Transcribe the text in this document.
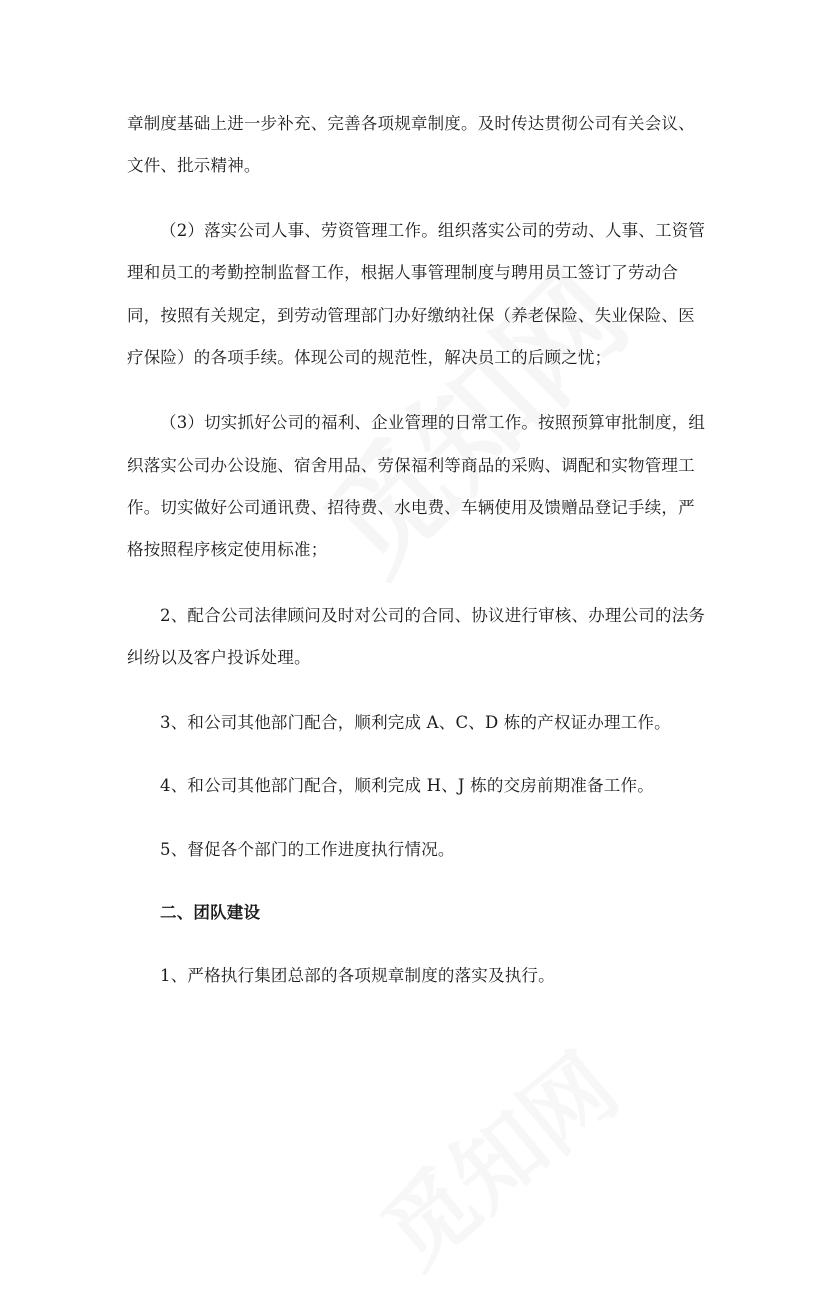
章制度基础上进一步补充、完善各项规章制度。及时传达贯彻公司有关会议、
文件、批示精神。
（2）落实公司人事、劳资管理工作。组织落实公司的劳动、人事、工资管
理和员工的考勤控制监督工作，根据人事管理制度与聘用员工签订了劳动合
同，按照有关规定，到劳动管理部门办好缴纳社保（养老保险、失业保险、医
疗保险）的各项手续。体现公司的规范性，解决员工的后顾之忧；
（3）切实抓好公司的福利、企业管理的日常工作。按照预算审批制度，组
织落实公司办公设施、宿舍用品、劳保福利等商品的采购、调配和实物管理工
作。切实做好公司通讯费、招待费、水电费、车辆使用及馈赠品登记手续，严
格按照程序核定使用标准；
2、配合公司法律顾问及时对公司的合同、协议进行审核、办理公司的法务
纠纷以及客户投诉处理。
3、和公司其他部门配合，顺利完成 A、C、D 栋的产权证办理工作。
4、和公司其他部门配合，顺利完成 H、J 栋的交房前期准备工作。
5、督促各个部门的工作进度执行情况。
二、团队建设
1、严格执行集团总部的各项规章制度的落实及执行。
